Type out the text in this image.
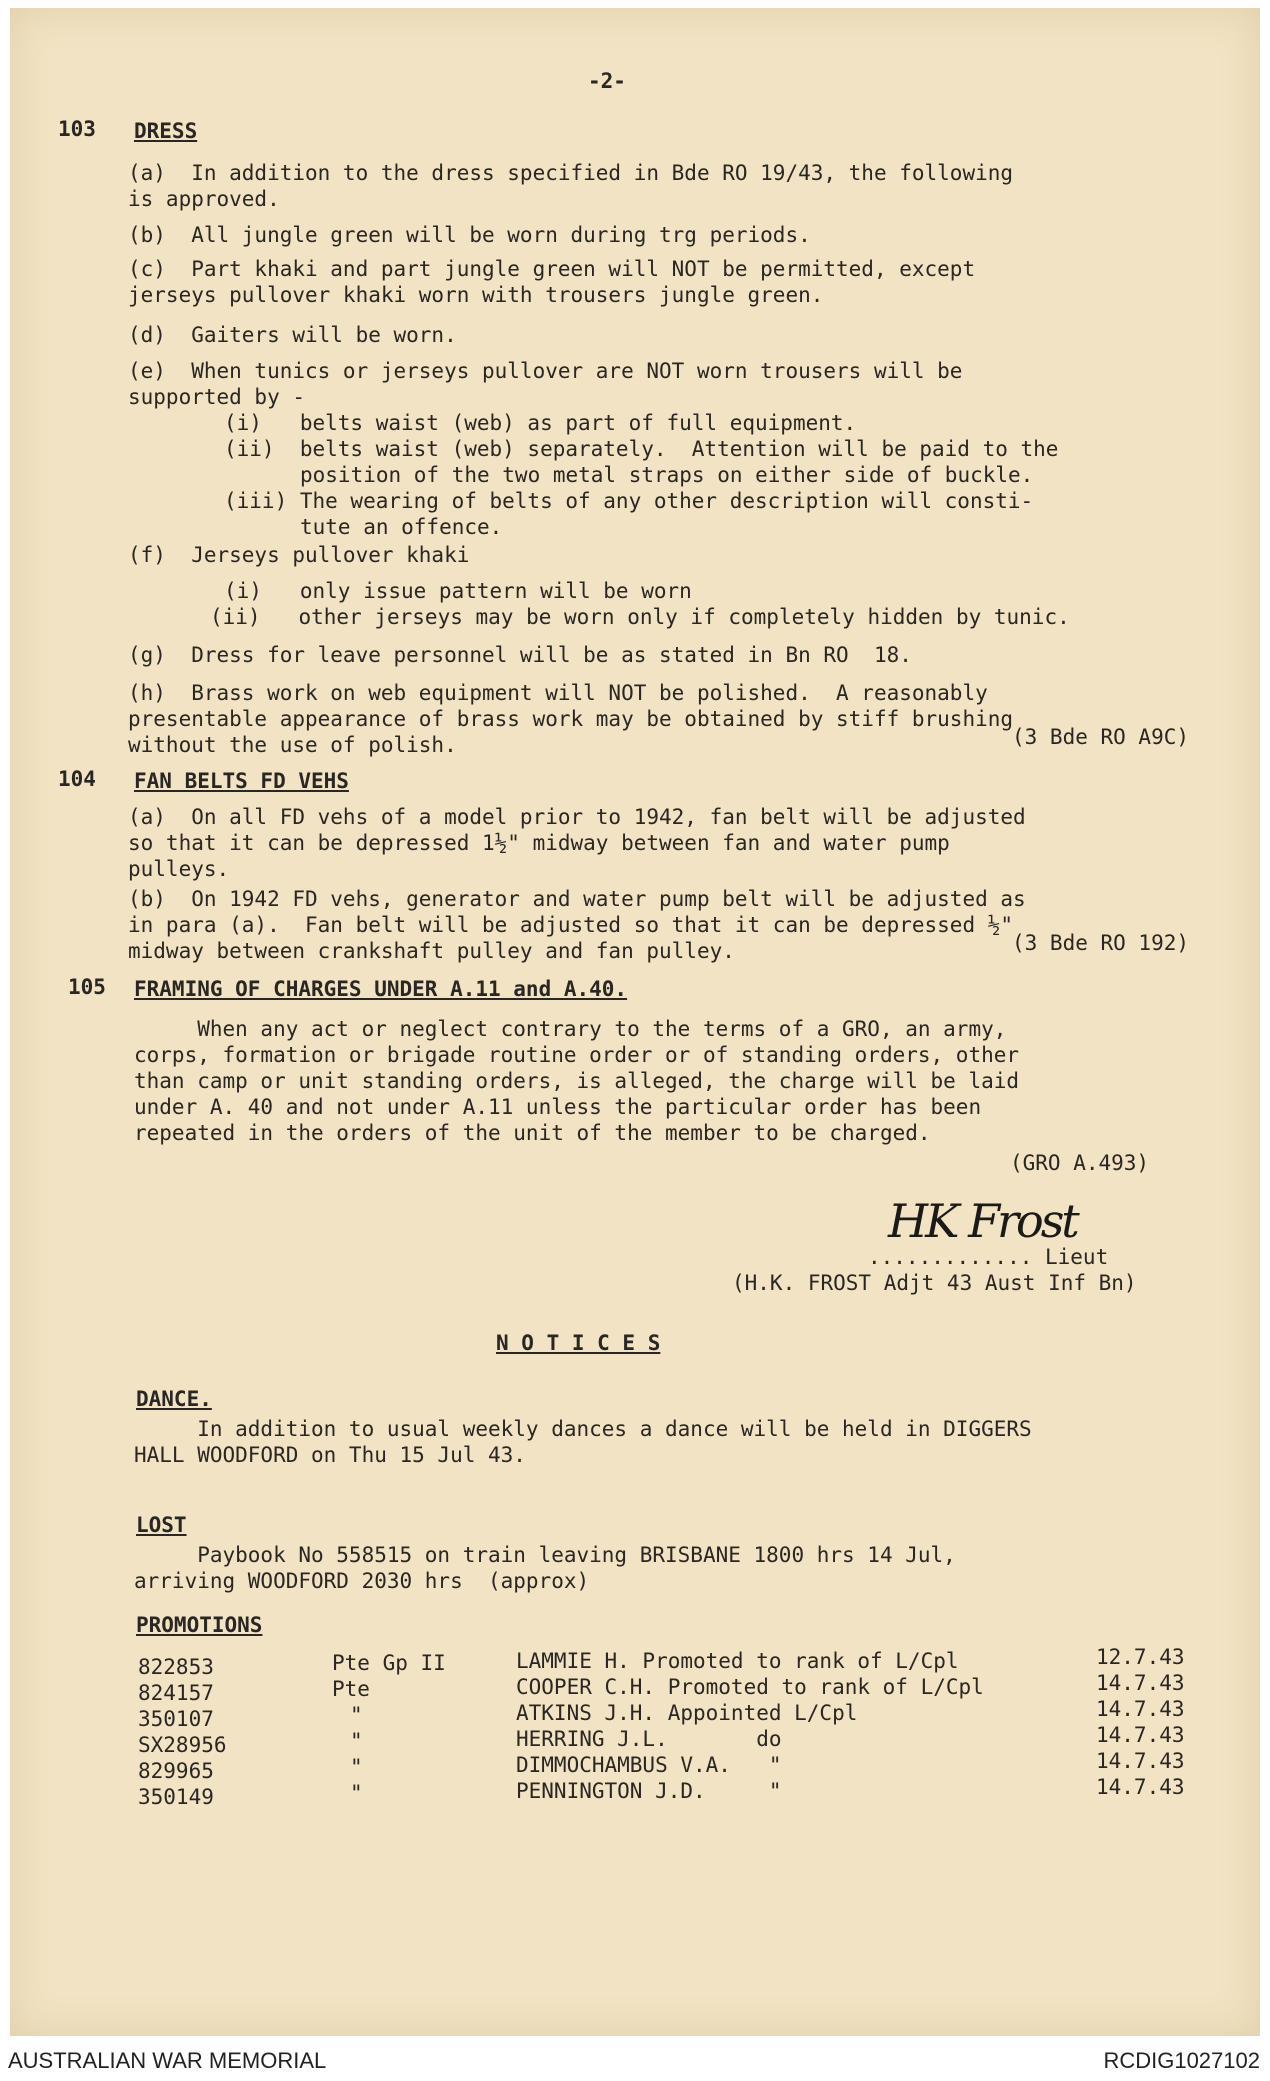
-2-
103 DRESS
(a)  In addition to the dress specified in Bde RO 19/43, the following
is approved.
(b)  All jungle green will be worn during trg periods.
(c)  Part khaki and part jungle green will NOT be permitted, except
jerseys pullover khaki worn with trousers jungle green.
(d)  Gaiters will be worn.
(e)  When tunics or jerseys pullover are NOT worn trousers will be
supported by -
(i)   belts waist (web) as part of full equipment.
(ii)  belts waist (web) separately.  Attention will be paid to the
position of the two metal straps on either side of buckle.
(iii) The wearing of belts of any other description will consti-
tute an offence.
(f)  Jerseys pullover khaki
(i)   only issue pattern will be worn
(ii)   other jerseys may be worn only if completely hidden by tunic.
(g)  Dress for leave personnel will be as stated in Bn RO  18.
(h)  Brass work on web equipment will NOT be polished.  A reasonably
presentable appearance of brass work may be obtained by stiff brushing
without the use of polish.	(3 Bde RO A9C)
104 FAN BELTS FD VEHS
(a)  On all FD vehs of a model prior to 1942, fan belt will be adjusted
so that it can be depressed 1½" midway between fan and water pump
pulleys.
(b)  On 1942 FD vehs, generator and water pump belt will be adjusted as
in para (a).  Fan belt will be adjusted so that it can be depressed ½"
midway between crankshaft pulley and fan pulley.	(3 Bde RO 192)
105 FRAMING OF CHARGES UNDER A.11 and A.40.
When any act or neglect contrary to the terms of a GRO, an army,
corps, formation or brigade routine order or of standing orders, other
than camp or unit standing orders, is alleged, the charge will be laid
under A. 40 and not under A.11 unless the particular order has been
repeated in the orders of the unit of the member to be charged.
(GRO A.493)
HK Frost
............. Lieut
(H.K. FROST Adjt 43 Aust Inf Bn)
N O T I C E S
DANCE.
In addition to usual weekly dances a dance will be held in DIGGERS
HALL WOODFORD on Thu 15 Jul 43.
LOST
Paybook No 558515 on train leaving BRISBANE 1800 hrs 14 Jul,
arriving WOODFORD 2030 hrs  (approx)
PROMOTIONS
822853	Pte Gp II	LAMMIE H. Promoted to rank of L/Cpl	12.7.43
824157	Pte	COOPER C.H. Promoted to rank of L/Cpl	14.7.43
350107	"	ATKINS J.H. Appointed L/Cpl	14.7.43
SX28956	"	HERRING J.L.       do	14.7.43
829965	"	DIMMOCHAMBUS V.A.   "	14.7.43
350149	"	PENNINGTON J.D.     "	14.7.43
AUSTRALIAN WAR MEMORIAL	RCDIG1027102
